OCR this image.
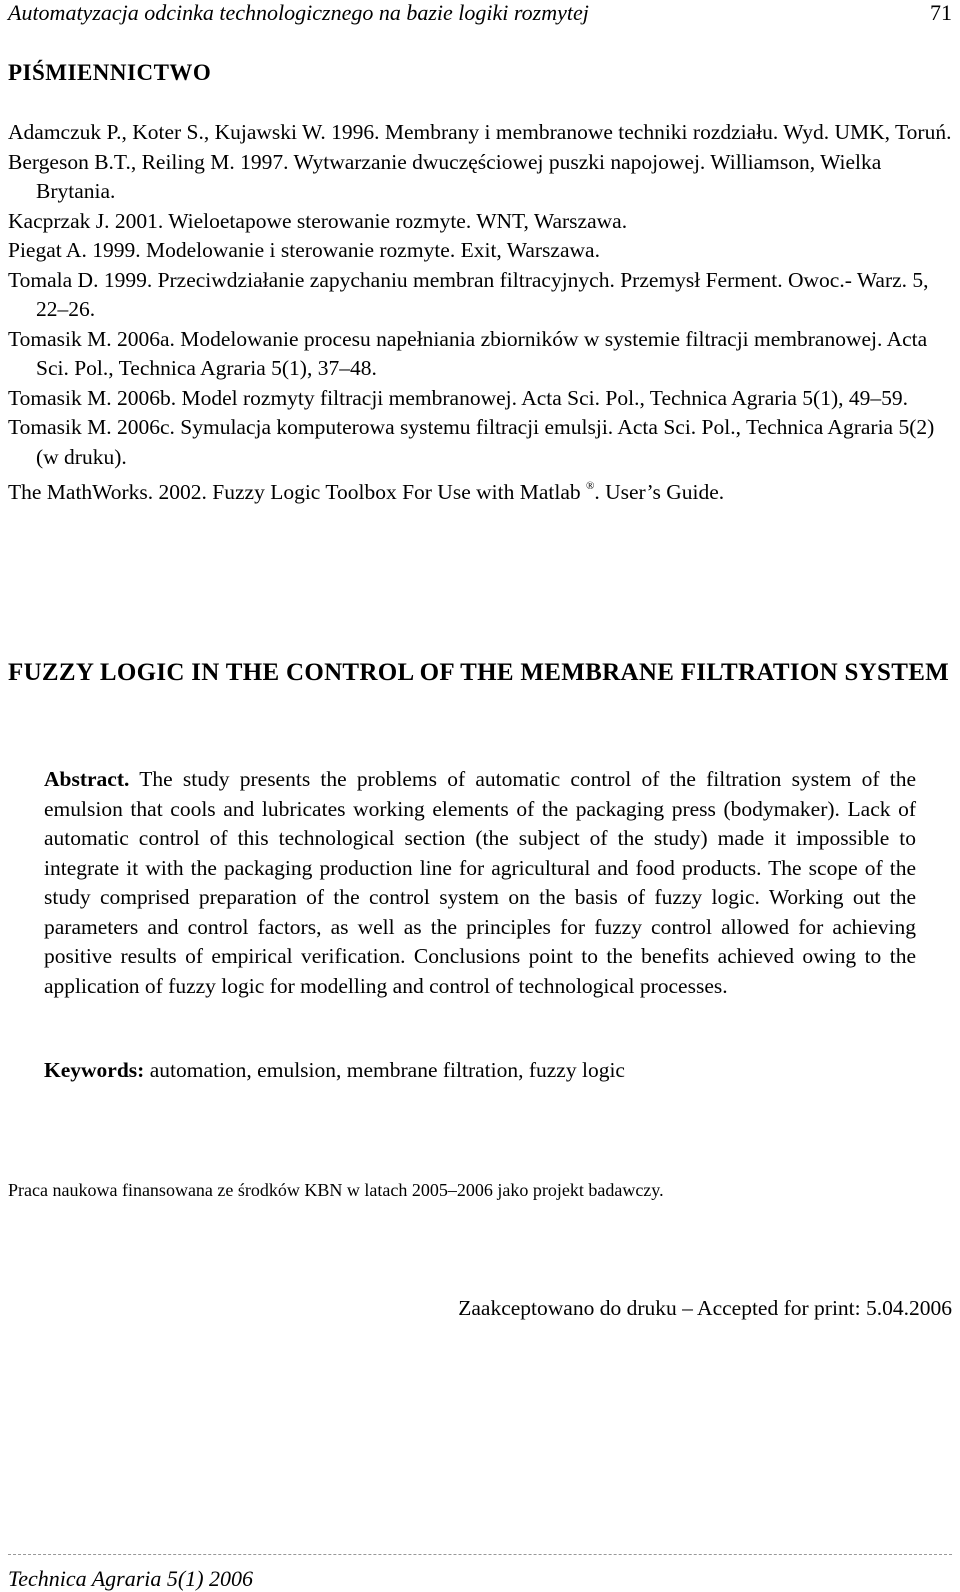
Automatyzacja odcinka technologicznego na bazie logiki rozmytej	71
PIŚMIENNICTWO
Adamczuk P., Koter S., Kujawski W. 1996. Membrany i membranowe techniki rozdziału. Wyd. UMK, Toruń.
Bergeson B.T., Reiling M. 1997. Wytwarzanie dwuczęściowej puszki napojowej. Williamson, Wielka Brytania.
Kacprzak J. 2001. Wieloetapowe sterowanie rozmyte. WNT, Warszawa.
Piegat A. 1999. Modelowanie i sterowanie rozmyte. Exit, Warszawa.
Tomala D. 1999. Przeciwdziałanie zapychaniu membran filtracyjnych. Przemysł Ferment. Owoc.- Warz. 5, 22–26.
Tomasik M. 2006a. Modelowanie procesu napełniania zbiorników w systemie filtracji membranowej. Acta Sci. Pol., Technica Agraria 5(1), 37–48.
Tomasik M. 2006b. Model rozmyty filtracji membranowej. Acta Sci. Pol., Technica Agraria 5(1), 49–59.
Tomasik M. 2006c. Symulacja komputerowa systemu filtracji emulsji. Acta Sci. Pol., Technica Agraria 5(2) (w druku).
The MathWorks. 2002. Fuzzy Logic Toolbox For Use with Matlab ®. User’s Guide.
FUZZY LOGIC IN THE CONTROL OF THE MEMBRANE FILTRATION SYSTEM

Abstract. The study presents the problems of automatic control of the filtration system of the emulsion that cools and lubricates working elements of the packaging press (bodymaker). Lack of automatic control of this technological section (the subject of the study) made it impossible to integrate it with the packaging production line for agricultural and food products. The scope of the study comprised preparation of the control system on the basis of fuzzy logic. Working out the parameters and control factors, as well as the principles for fuzzy control allowed for achieving positive results of empirical verification. Conclusions point to the benefits achieved owing to the application of fuzzy logic for modelling and control of technological processes.

Keywords: automation, emulsion, membrane filtration, fuzzy logic

Praca naukowa finansowana ze środków KBN w latach 2005–2006 jako projekt badawczy.
Zaakceptowano do druku – Accepted for print: 5.04.2006
Technica Agraria 5(1) 2006
